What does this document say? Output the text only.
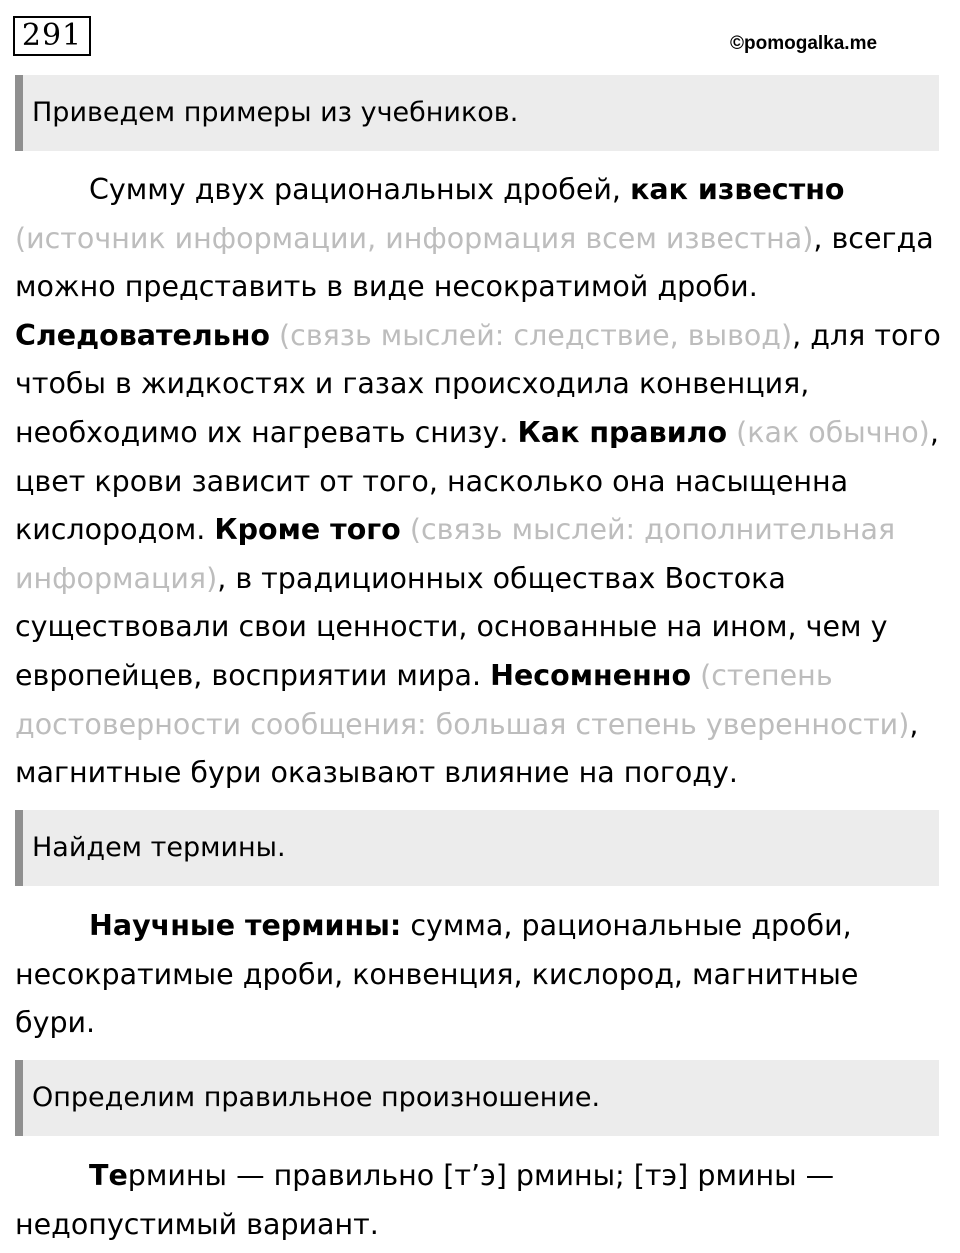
291	©pomogalka.me
Приведем примеры из учебников.
Сумму двух рациональных дробей, как известно
(источник информации, информация всем известна), всегда
можно представить в виде несократимой дроби.
Следовательно (связь мыслей: следствие, вывод), для того
чтобы в жидкостях и газах происходила конвенция,
необходимо их нагревать снизу. Как правило (как обычно),
цвет крови зависит от того, насколько она насыщенна
кислородом. Кроме того (связь мыслей: дополнительная
информация), в традиционных обществах Востока
существовали свои ценности, основанные на ином, чем у
европейцев, восприятии мира. Несомненно (степень
достоверности сообщения: большая степень уверенности),
магнитные бури оказывают влияние на погоду.
Найдем термины.
Научные термины: сумма, рациональные дроби,
несократимые дроби, конвенция, кислород, магнитные
бури.
Определим правильное произношение.
Термины — правильно [т’э] рмины; [тэ] рмины —
недопустимый вариант.
